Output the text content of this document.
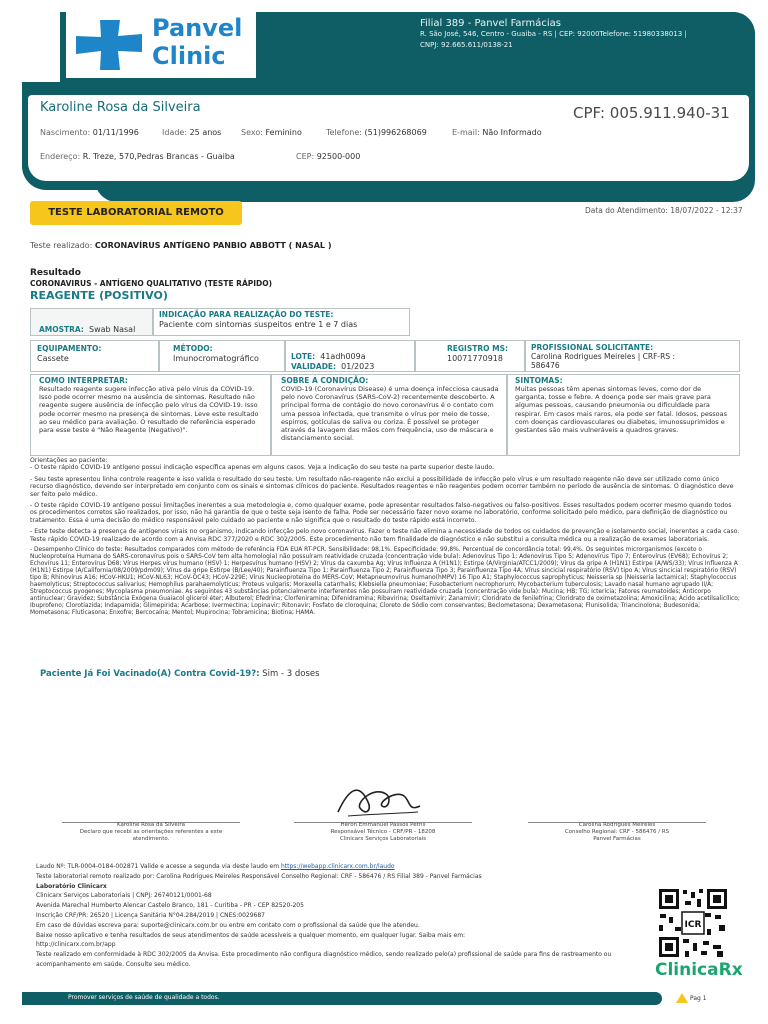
Panvel
Clinic
Filial 389 - Panvel Farmácias
R. São José, 546, Centro - Guaiba - RS | CEP: 92000Telefone: 51980338013 |
CNPJ: 92.665.611/0138-21
Karoline Rosa da Silveira	CPF: 005.911.940-31
Nascimento: 01/11/1996	Idade: 25 anos Sexo: Feminino	Telefone: (51)996268069	E-mail: Não Informado
Endereço: R. Treze, 570,Pedras Brancas - Guaiba	CEP: 92500-000
TESTE LABORATORIAL REMOTO	Data do Atendimento: 18/07/2022 - 12:37
Teste realizado: CORONAVÍRUS ANTÍGENO PANBIO ABBOTT ( NASAL )
Resultado
CORONAVIRUS - ANTÍGENO QUALITATIVO (TESTE RÁPIDO)
REAGENTE (POSITIVO)
AMOSTRA: Swab Nasal
INDICAÇÃO PARA REALIZAÇÃO DO TESTE:
Paciente com sintomas suspeitos entre 1 e 7 dias
EQUIPAMENTO:
Cassete
MÉTODO:
Imunocromatográfico	LOTE: 41adh009a
VALIDADE: 01/2023
REGISTRO MS:
10071770918
PROFISSIONAL SOLICITANTE:
Carolina Rodrigues Meireles | CRF-RS : 586476
COMO INTERPRETAR:
Resultado reagente sugere infecção ativa pelo vírus da COVID-19. Isso pode ocorrer mesmo na ausência de sintomas. Resultado não reagente sugere ausência de infecção pelo vírus da COVID-19. Isso pode ocorrer mesmo na presença de sintomas. Leve este resultado ao seu médico para avaliação. O resultado de referência esperado para esse teste é "Não Reagente (Negativo)".
SOBRE A CONDIÇÃO:
COVID-19 (Coronavírus Disease) é uma doença infecciosa causada pelo novo Coronavírus (SARS-CoV-2) recentemente descoberto. A principal forma de contágio do novo coronavírus é o contato com uma pessoa infectada, que transmite o vírus por meio de tosse, espirros, gotículas de saliva ou coriza. É possível se proteger através da lavagem das mãos com frequência, uso de máscara e distanciamento social.
SINTOMAS:
Muitas pessoas têm apenas sintomas leves, como dor de garganta, tosse e febre. A doença pode ser mais grave para algumas pessoas, causando pneumonia ou dificuldade para respirar. Em casos mais raros, ela pode ser fatal. Idosos, pessoas com doenças cardiovasculares ou diabetes, imunossuprimidos e gestantes são mais vulneráveis a quadros graves.

Orientações ao paciente:

- O teste rápido COVID-19 antígeno possui indicação específica apenas em alguns casos. Veja a indicação do seu teste na parte superior deste laudo.

- Seu teste apresentou linha controle reagente e isso valida o resultado do seu teste. Um resultado não-reagente não exclui a possibilidade de infecção pelo vírus e um resultado reagente não deve ser utilizado como único recurso diagnóstico, devendo ser interpretado em conjunto com os sinais e sintomas clínicos do paciente. Resultados reagentes e não reagentes podem ocorrer também no período de ausência de sintomas. O diagnóstico deve ser feito pelo médico.

- O teste rápido COVID-19 antígeno possui limitações inerentes a sua metodologia e, como qualquer exame, pode apresentar resultados falso-negativos ou falso-positivos. Esses resultados podem ocorrer mesmo quando todos os procedimentos corretos são realizados, por isso, não há garantia de que o teste seja isento de falha. Pode ser necessário fazer novo exame no laboratório, conforme solicitado pelo médico, para definição de diagnóstico ou tratamento. Essa é uma decisão do médico responsável pelo cuidado ao paciente e não significa que o resultado do teste rápido está incorreto.

- Este teste detecta a presença de antígenos virais no organismo, indicando infecção pelo novo coronavírus. Fazer o teste não elimina a necessidade de todos os cuidados de prevenção e isolamento social, inerentes a cada caso. Teste rápido COVID-19 realizado de acordo com a Anvisa RDC 377/2020 e RDC 302/2005. Este procedimento não tem finalidade de diagnóstico e não substitui a consulta médica ou a realização de exames laboratoriais.

- Desempenho Clínico do teste: Resultados comparados com método de referência FDA EUA RT-PCR. Sensibilidade: 98,1%. Especificidade: 99,8%. Percentual de concordância total: 99,4%. Os seguintes microrganismos (exceto o Nucleoproteína Humana do SARS-coronavírus pois o SARS-CoV tem alta homologia) não possuíram reatividade cruzada (concentração vide bula): Adenovírus Tipo 1; Adenovírus Tipo 5; Adenovírus Tipo 7; Enterovírus (EV68); Echovírus 2; Echovírus 11; Enterovírus D68; Vírus Herpes vírus humano (HSV) 1; Herpesvírus humano (HSV) 2; Vírus da caxumba Ag; Vírus Influenza A (H1N1); Estirpe (A/Virginia/ATCC1/2009); Vírus da gripe A (H1N1) Estirpe (A/WS/33); Vírus Influenza A (H1N1) Estirpe (A/California/08/2009/pdm09); Vírus da gripe Estirpe (B/Lee/40); Parainfluenza Tipo 1; Parainfluenza Tipo 2; Parainfluenza Tipo 3; Parainfluenza Tipo 4A; Vírus sincicial respiratório (RSV) tipo A; Vírus sincicial respiratório (RSV) tipo B; Rhinovírus A16; HCoV-HKU1; HCoV-NL63; HCoV-OC43; HCoV-229E; Vírus Nucleoproteína do MERS-CoV; Metapneumovírus humano(hMPV) 16 Tipo A1; Staphylococcus saprophyticus; Neisseria sp (Neisseria lactamica); Staphylococcus haemolyticus; Streptococcus salivarius; Hemophilus parahaemolyticus; Proteus vulgaris; Moraxella catarrhalis; Klebsiella pneumoniae; Fusobacterium necrophorum; Mycobacterium tuberculosis; Lavado nasal humano agrupado II/A; Streptococcus pyogenes; Mycoplasma pneumoniae. As seguintes 43 substâncias potencialmente interferentes não possuíram reatividade cruzada (concentração vide bula): Mucina; HB; TG; Icterícia; Fatores reumatoides; Anticorpo antinuclear; Gravidez; Substância Exógena Guaiacol glicerol éter; Albuterol; Efedrina; Clorfeniramina; Difenidramina; Ribavirina; Oseltamivir; Zanamivir; Cloridrato de fenilefrina; Cloridrato de oximetazolina; Amoxicilina; Ácido acetilsalicílico; Ibuprofeno; Clorotiazida; Indapamida; Glimepirida; Acarbose; Ivermectina; Lopinavir; Ritonavir; Fosfato de cloroquina; Cloreto de Sódio com conservantes; Beclometasona; Dexametasona; Flunisolida; Triancinolona; Budesonida; Mometasona; Fluticasona; Enxofre; Bercocaína; Mentol; Mupirocina; Tobramicina; Biotina; HAMA.

Paciente Já Foi Vacinado(A) Contra Covid-19?: Sim - 3 doses
Karoline Rosa da Silveira
Declaro que recebi as orientações referentes a este
atendimento.
Héron Emmanuel Passos Petris
Responsável Técnico - CRF/PR - 18208
Clinicarx Serviços Laboratoriais
Carolina Rodrigues Meireles
Conselho Regional: CRF - 586476 / RS
Panvel Farmácias
Laudo Nº: TLR-0004-0184-002871 Valide e acesse a segunda via deste laudo em https://webapp.clinicarx.com.br/laudo
Teste laboratorial remoto realizado por: Carolina Rodrigues Meireles Responsável Conselho Regional: CRF - 586476 / RS Filial 389 - Panvel Farmácias
Laboratório Clinicarx
Clinicarx Serviços Laboratoriais | CNPJ: 26740121/0001-68
Avenida Marechal Humberto Alencar Castelo Branco, 181 - Curitiba - PR - CEP 82520-205
Inscrição CRF/PR: 26520 | Licença Sanitária N°04.284/2019 | CNES:0029687
Em caso de dúvidas escreva para: suporte@clinicarx.com.br ou entre em contato com o profissional da saúde que lhe atendeu.
Baixe nosso aplicativo e tenha resultados de seus atendimentos de saúde acessíveis a qualquer momento, em qualquer lugar. Saiba mais em:
http://clinicarx.com.br/app
Teste realizado em conformidade à RDC 302/2005 da Anvisa. Este procedimento não configura diagnóstico médico, sendo realizado pelo(a) profissional de saúde para fins de rastreamento ou acompanhamento em saúde. Consulte seu médico.
ICR
ClinicaRx
Promover serviços de saúde de qualidade a todos.	Pag 1
